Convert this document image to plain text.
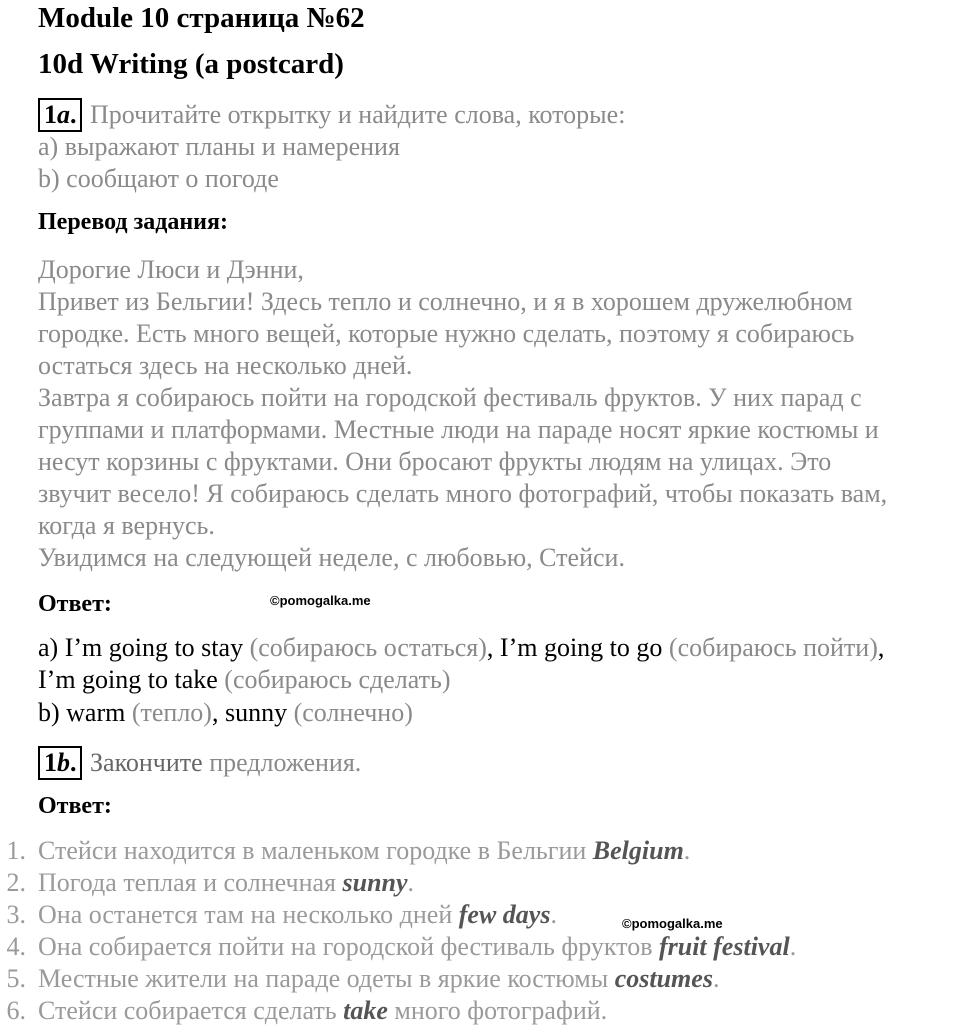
Module 10 страница №62
10d Writing (a postcard)
1a. Прочитайте открытку и найдите слова, которые:
a) выражают планы и намерения
b) сообщают о погоде
Перевод задания:
Дорогие Люси и Дэнни,
Привет из Бельгии! Здесь тепло и солнечно, и я в хорошем дружелюбном
городке. Есть много вещей, которые нужно сделать, поэтому я собираюсь
остаться здесь на несколько дней.
Завтра я собираюсь пойти на городской фестиваль фруктов. У них парад с
группами и платформами. Местные люди на параде носят яркие костюмы и
несут корзины с фруктами. Они бросают фрукты людям на улицах. Это
звучит весело! Я собираюсь сделать много фотографий, чтобы показать вам,
когда я вернусь.
Увидимся на следующей неделе, с любовью, Стейси.
Ответ:	©pomogalka.me
a) I’m going to stay (собираюсь остаться), I’m going to go (собираюсь пойти),
I’m going to take (собираюсь сделать)
b) warm (тепло), sunny (солнечно)
1b. Закончите предложения.
Ответ:
1. Стейси находится в маленьком городке в Бельгии Belgium.
2. Погода теплая и солнечная sunny.
3. Она останется там на несколько дней few days.
4. Она собирается пойти на городской фестиваль фруктов fruit festival.
5. Местные жители на параде одеты в яркие костюмы costumes.
6. Стейси собирается сделать take много фотографий.
©pomogalka.me
